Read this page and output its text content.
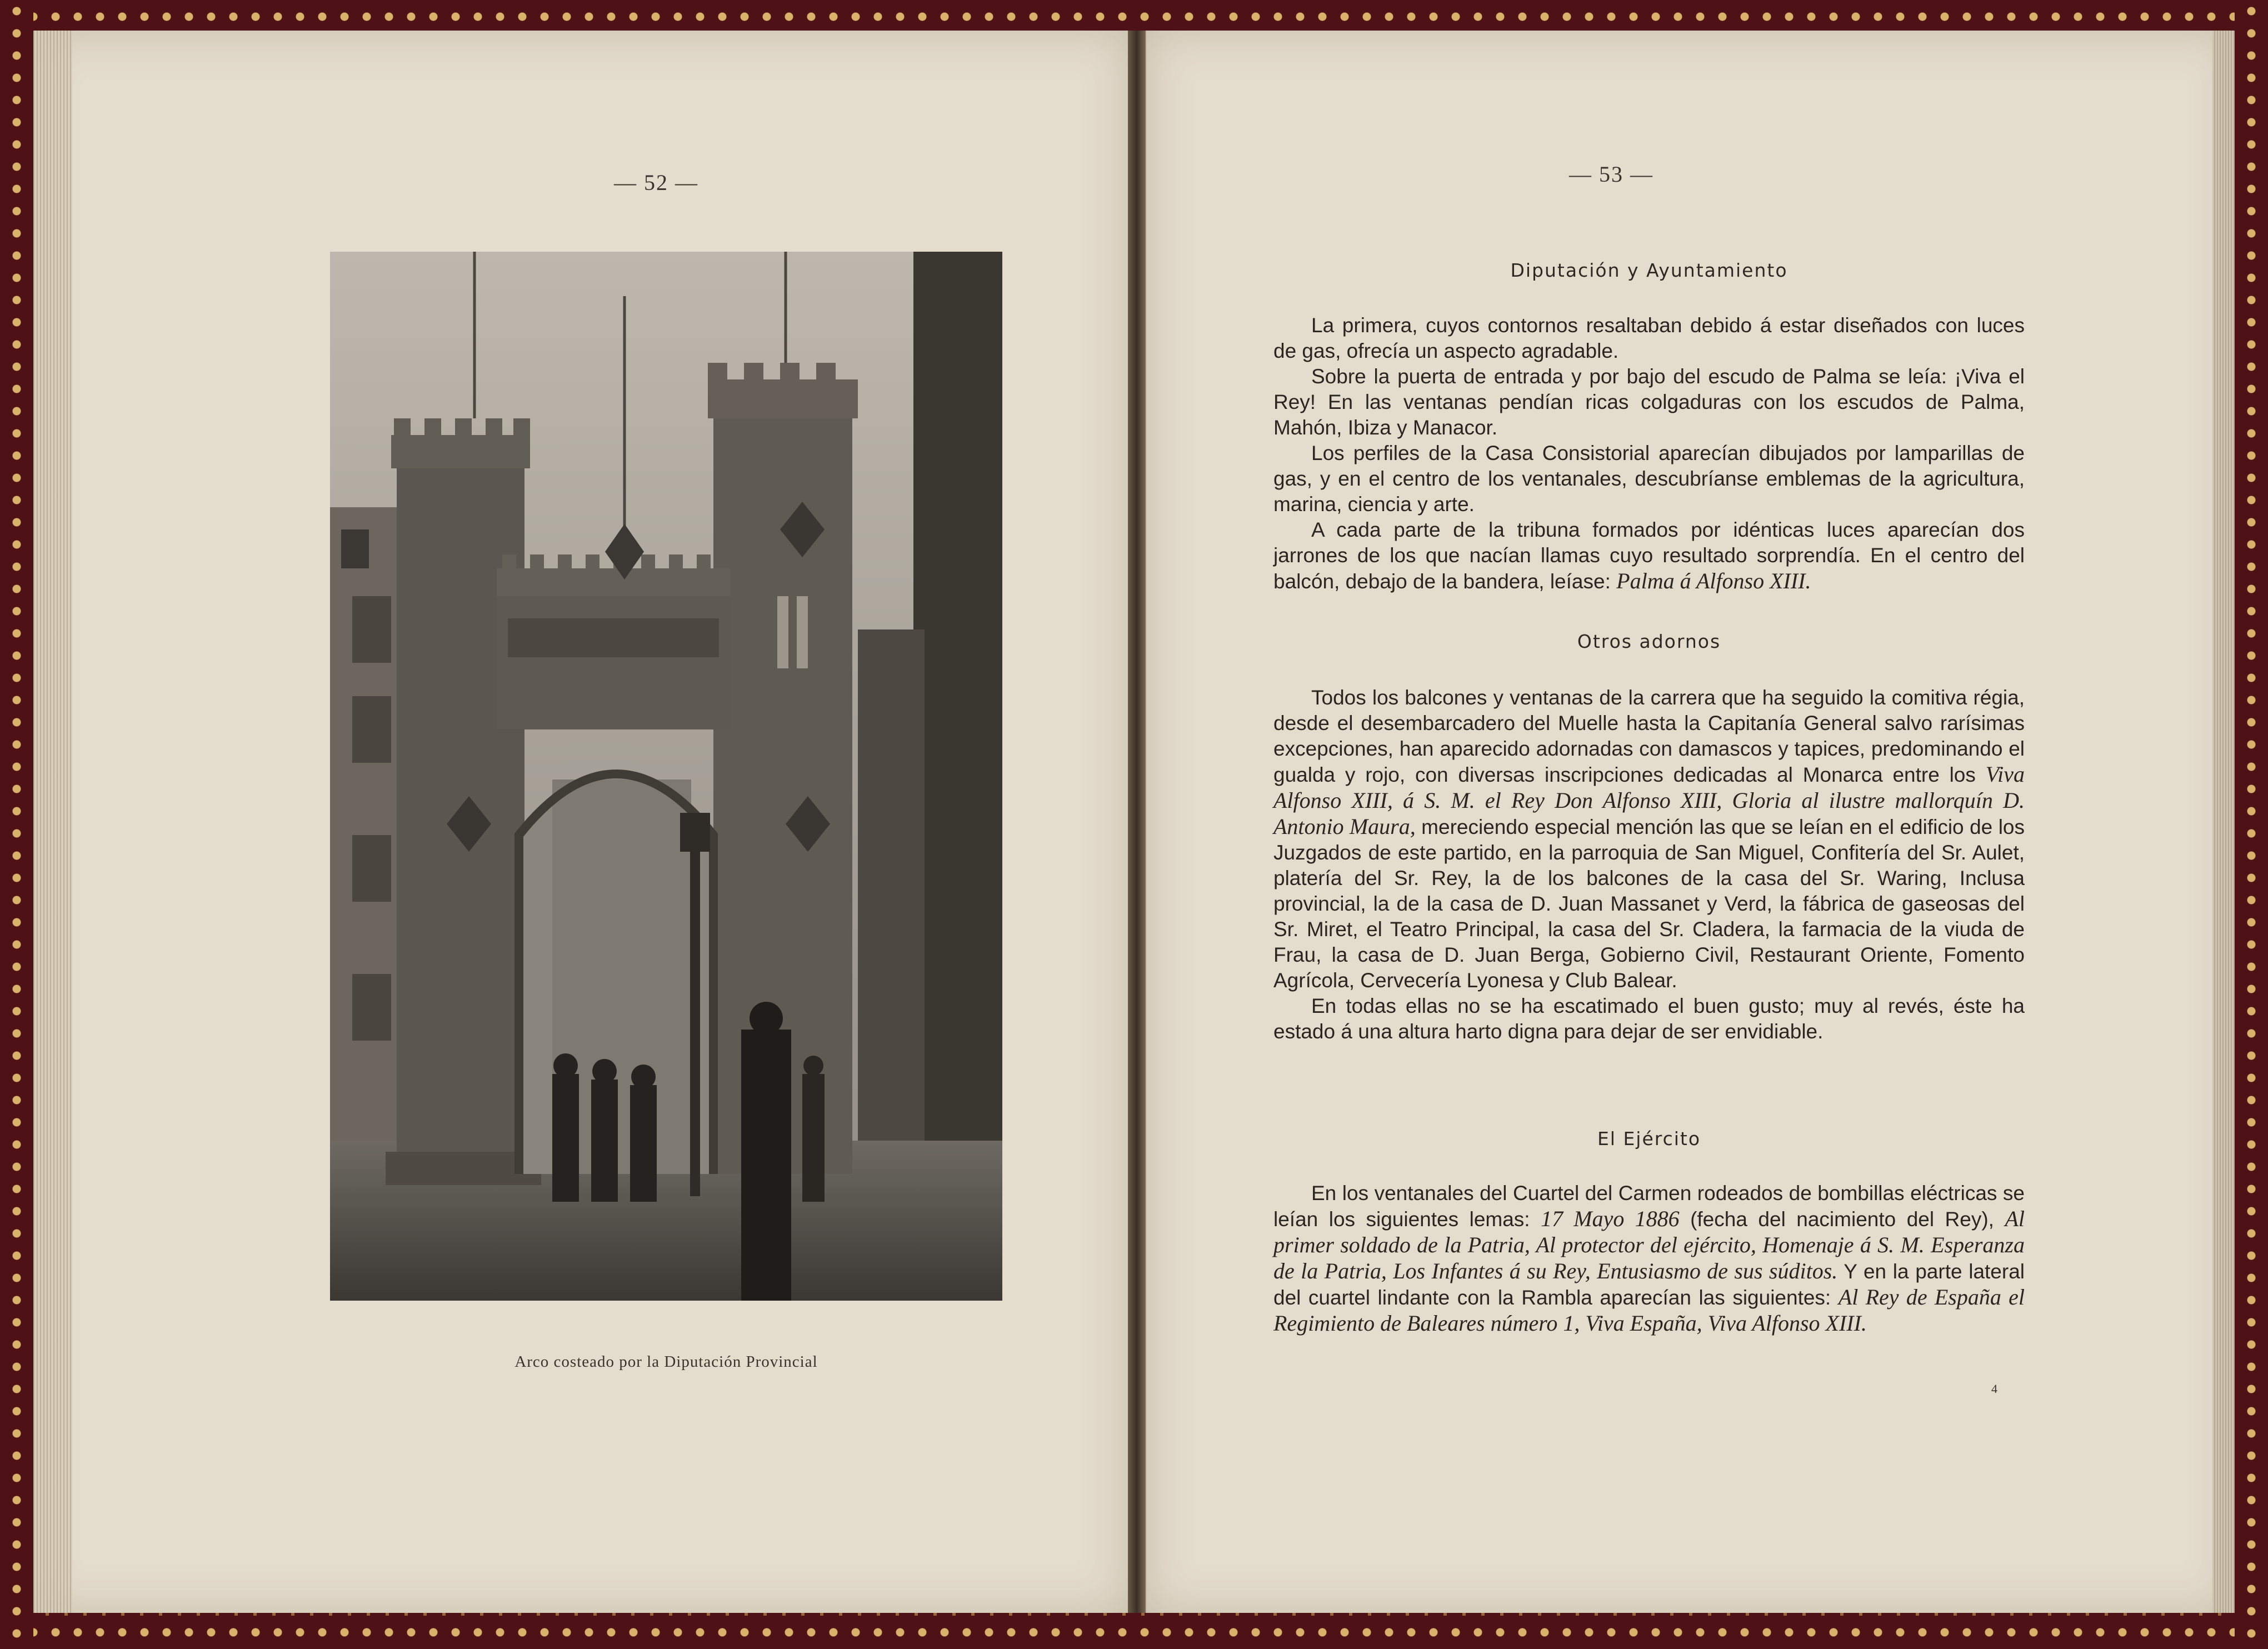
— 52 —
Arco costeado por la Diputación Provincial
— 53 —
Diputación y Ayuntamiento

La primera, cuyos contornos resaltaban debido á estar diseñados con luces de gas, ofrecía un aspecto agradable.

Sobre la puerta de entrada y por bajo del escudo de Palma se leía: ¡Viva el Rey! En las ventanas pendían ricas colgaduras con los escudos de Palma, Mahón, Ibiza y Manacor.

Los perfiles de la Casa Consistorial aparecían dibujados por lamparillas de gas, y en el centro de los ventanales, descubríanse emblemas de la agricultura, marina, ciencia y arte.

A cada parte de la tribuna formados por idénticas luces aparecían dos jarrones de los que nacían llamas cuyo resultado sorprendía. En el centro del balcón, debajo de la bandera, leíase: Palma á Alfonso XIII.

Otros adornos

Todos los balcones y ventanas de la carrera que ha seguido la comitiva régia, desde el desembarcadero del Muelle hasta la Capitanía General salvo rarísimas excepciones, han aparecido adornadas con damascos y tapices, predominando el gualda y rojo, con diversas inscripciones dedicadas al Monarca entre los Viva Alfonso XIII, á S. M. el Rey Don Alfonso XIII, Gloria al ilustre mallorquín D. Antonio Maura, mereciendo especial mención las que se leían en el edificio de los Juzgados de este partido, en la parroquia de San Miguel, Confitería del Sr. Aulet, platería del Sr. Rey, la de los balcones de la casa del Sr. Waring, Inclusa provincial, la de la casa de D. Juan Massanet y Verd, la fábrica de gaseosas del Sr. Miret, el Teatro Principal, la casa del Sr. Cladera, la farmacia de la viuda de Frau, la casa de D. Juan Berga, Gobierno Civil, Restaurant Oriente, Fomento Agrícola, Cervecería Lyonesa y Club Balear.

En todas ellas no se ha escatimado el buen gusto; muy al revés, éste ha estado á una altura harto digna para dejar de ser envidiable.

El Ejército

En los ventanales del Cuartel del Carmen rodeados de bombillas eléctricas se leían los siguientes lemas: 17 Mayo 1886 (fecha del nacimiento del Rey), Al primer soldado de la Patria, Al protector del ejército, Homenaje á S. M. Esperanza de la Patria, Los Infantes á su Rey, Entusiasmo de sus súditos. Y en la parte lateral del cuartel lindante con la Rambla aparecían las siguientes: Al Rey de España el Regimiento de Baleares número 1, Viva España, Viva Alfonso XIII.

4
